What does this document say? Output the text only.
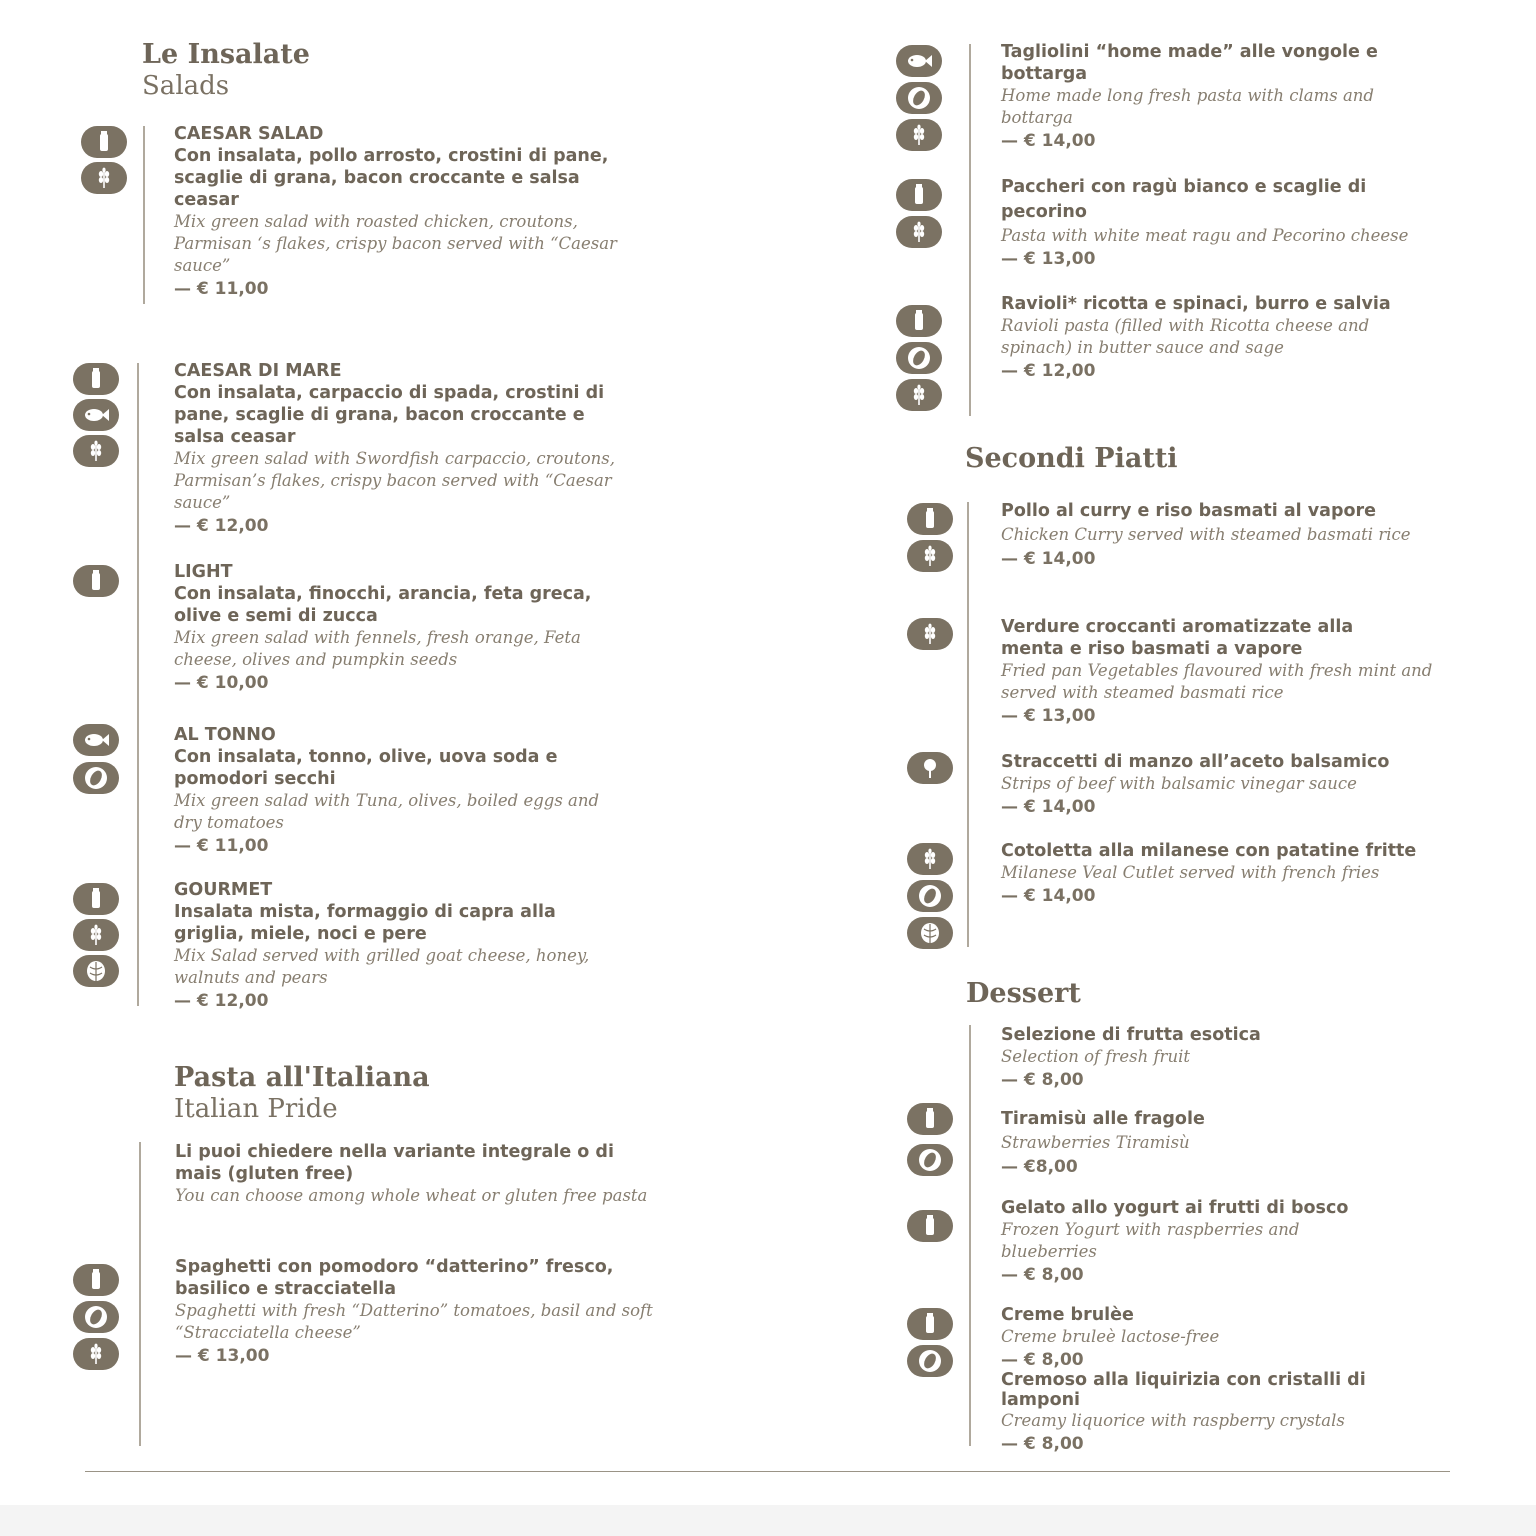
Le Insalate
Salads
CAESAR SALAD
Con insalata, pollo arrosto, crostini di pane, scaglie di grana, bacon croccante e salsa ceasar
Mix green salad with roasted chicken, croutons, Parmisan ‘s flakes, crispy bacon served with “Caesar sauce”
— € 11,00
CAESAR DI MARE
Con insalata, carpaccio di spada, crostini di pane, scaglie di grana, bacon croccante e salsa ceasar
Mix green salad with Swordfish carpaccio, croutons, Parmisan’s flakes, crispy bacon served with “Caesar sauce”
— € 12,00
LIGHT
Con insalata, finocchi, arancia, feta greca, olive e semi di zucca
Mix green salad with fennels, fresh orange, Feta cheese, olives and pumpkin seeds
— € 10,00
AL TONNO
Con insalata, tonno, olive, uova soda e pomodori secchi
Mix green salad with Tuna, olives, boiled eggs and dry tomatoes
— € 11,00
GOURMET
Insalata mista, formaggio di capra alla griglia, miele, noci e pere
Mix Salad served with grilled goat cheese, honey, walnuts and pears
— € 12,00
Pasta all'Italiana
Italian Pride
Li puoi chiedere nella variante integrale o di mais (gluten free)
You can choose among whole wheat or gluten free pasta
Spaghetti con pomodoro “datterino” fresco, basilico e stracciatella
Spaghetti with fresh “Datterino” tomatoes, basil and soft “Stracciatella cheese”
— € 13,00
Tagliolini “home made” alle vongole e bottarga
Home made long fresh pasta with clams and bottarga
— € 14,00
Paccheri con ragù bianco e scaglie di pecorino
Pasta with white meat ragu and Pecorino cheese
— € 13,00
Ravioli* ricotta e spinaci, burro e salvia
Ravioli pasta (filled with Ricotta cheese and spinach) in butter sauce and sage
— € 12,00
Secondi Piatti
Pollo al curry e riso basmati al vapore
Chicken Curry served with steamed basmati rice
— € 14,00
Verdure croccanti aromatizzate alla menta e riso basmati a vapore
Fried pan Vegetables flavoured with fresh mint and served with steamed basmati rice
— € 13,00
Straccetti di manzo all’aceto balsamico
Strips of beef with balsamic vinegar sauce
— € 14,00
Cotoletta alla milanese con patatine fritte
Milanese Veal Cutlet served with french fries
— € 14,00
Dessert
Selezione di frutta esotica
Selection of fresh fruit
— € 8,00
Tiramisù alle fragole
Strawberries Tiramisù
— €8,00
Gelato allo yogurt ai frutti di bosco
Frozen Yogurt with raspberries and blueberries
— € 8,00
Creme brulèe
Creme bruleè lactose-free
— € 8,00
Cremoso alla liquirizia con cristalli di lamponi
Creamy liquorice with raspberry crystals
— € 8,00
